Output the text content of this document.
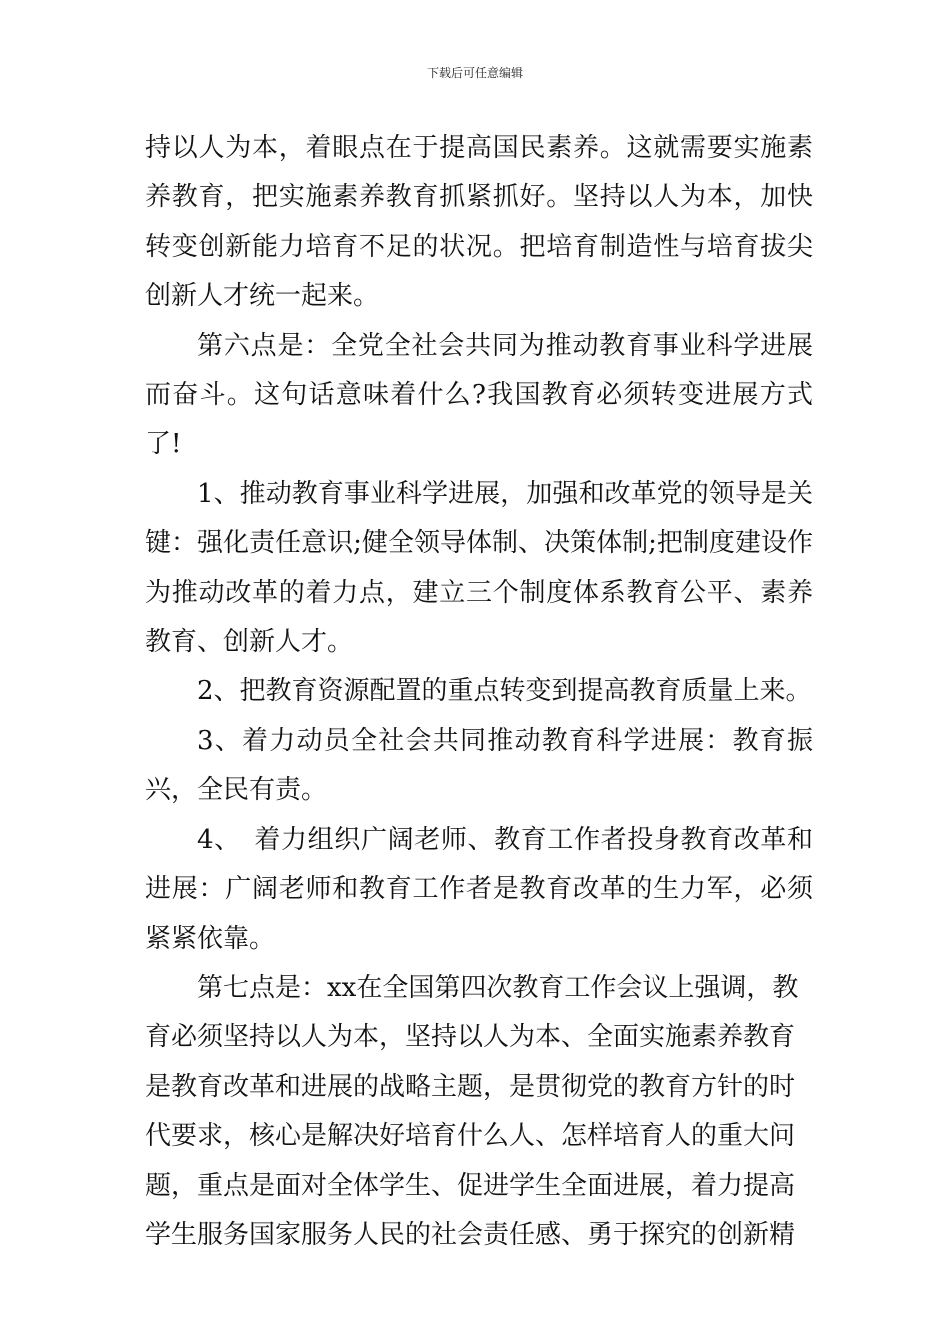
下载后可任意编辑

持以人为本，着眼点在于提高国民素养。这就需要实施素养教育，把实施素养教育抓紧抓好。坚持以人为本，加快转变创新能力培育不足的状况。把培育制造性与培育拔尖创新人才统一起来。

第六点是：全党全社会共同为推动教育事业科学进展而奋斗。这句话意味着什么?我国教育必须转变进展方式了!

1、推动教育事业科学进展，加强和改革党的领导是关键：强化责任意识;健全领导体制、决策体制;把制度建设作为推动改革的着力点，建立三个制度体系教育公平、素养教育、创新人才。

2、把教育资源配置的重点转变到提高教育质量上来。

3、着力动员全社会共同推动教育科学进展：教育振兴，全民有责。

4、　着力组织广阔老师、教育工作者投身教育改革和进展：广阔老师和教育工作者是教育改革的生力军，必须紧紧依靠。

第七点是：xx在全国第四次教育工作会议上强调，教育必须坚持以人为本，坚持以人为本、全面实施素养教育是教育改革和进展的战略主题，是贯彻党的教育方针的时代要求，核心是解决好培育什么人、怎样培育人的重大问题，重点是面对全体学生、促进学生全面进展，着力提高学生服务国家服务人民的社会责任感、勇于探究的创新精
